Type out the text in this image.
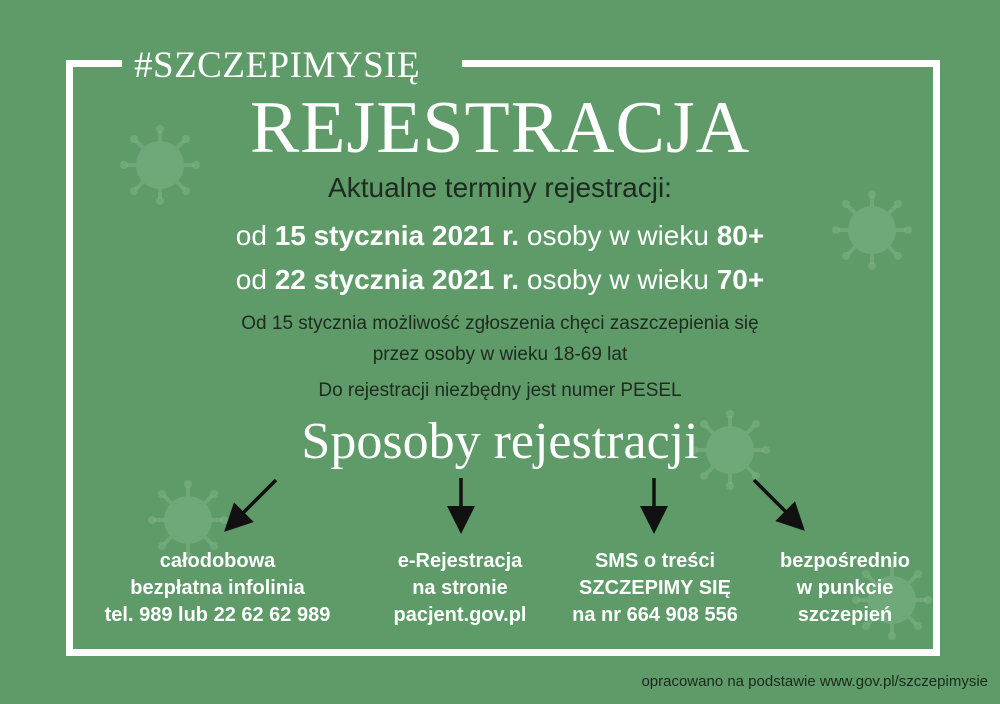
#SZCZEPIMYSIĘ
REJESTRACJA
Aktualne terminy rejestracji:
od 15 stycznia 2021 r. osoby w wieku 80+
od 22 stycznia 2021 r. osoby w wieku 70+
Od 15 stycznia możliwość zgłoszenia chęci zaszczepienia się
przez osoby w wieku 18-69 lat
Do rejestracji niezbędny jest numer PESEL
Sposoby rejestracji
całodobowa
bezpłatna infolinia
tel. 989 lub 22 62 62 989
e-Rejestracja
na stronie
pacjent.gov.pl
SMS o treści
SZCZEPIMY SIĘ
na nr 664 908 556
bezpośrednio
w punkcie
szczepień
opracowano na podstawie www.gov.pl/szczepimysie
